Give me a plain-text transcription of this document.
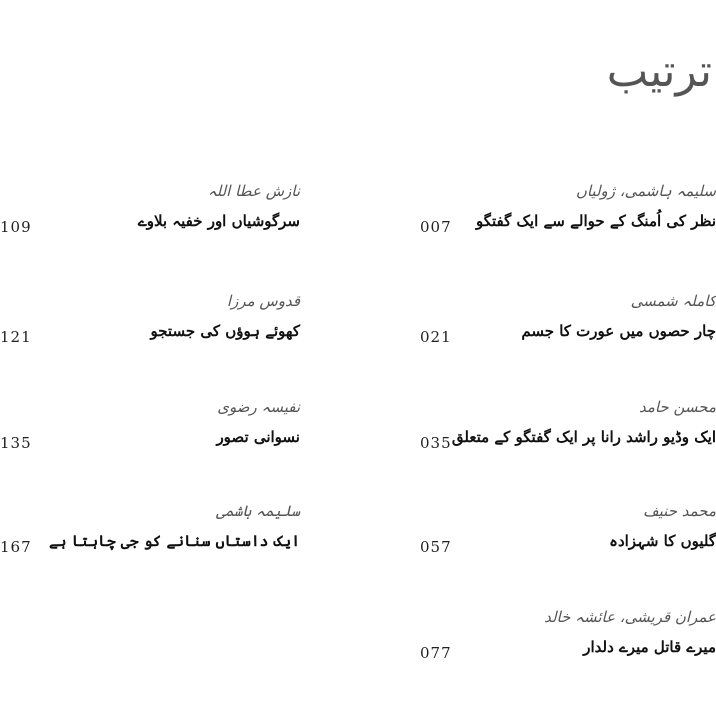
ترتیب
سلیمہ ہاشمی، ژولیاں
نظر کی اُمنگ کے حوالے سے ایک گفتگو
007
کاملہ شمسی
چار حصوں میں عورت کا جسم
021
محسن حامد
ایک وڈیو راشد رانا پر ایک گفتگو کے متعلق
035
محمد حنیف
گلیوں کا شہزادہ
057
عمران قریشی، عائشہ خالد
میرے قاتل میرے دلدار
077
نازش عطا اللہ
سرگوشیاں اور خفیہ بلاوے
109
قدوس مرزا
کھوئے ہوؤں کی جستجو
121
نفیسہ رضوی
نسوانی تصور
135
سلیمہ ہاشمی
ایک داستاں سنانے کو جی چاہتا ہے
167
